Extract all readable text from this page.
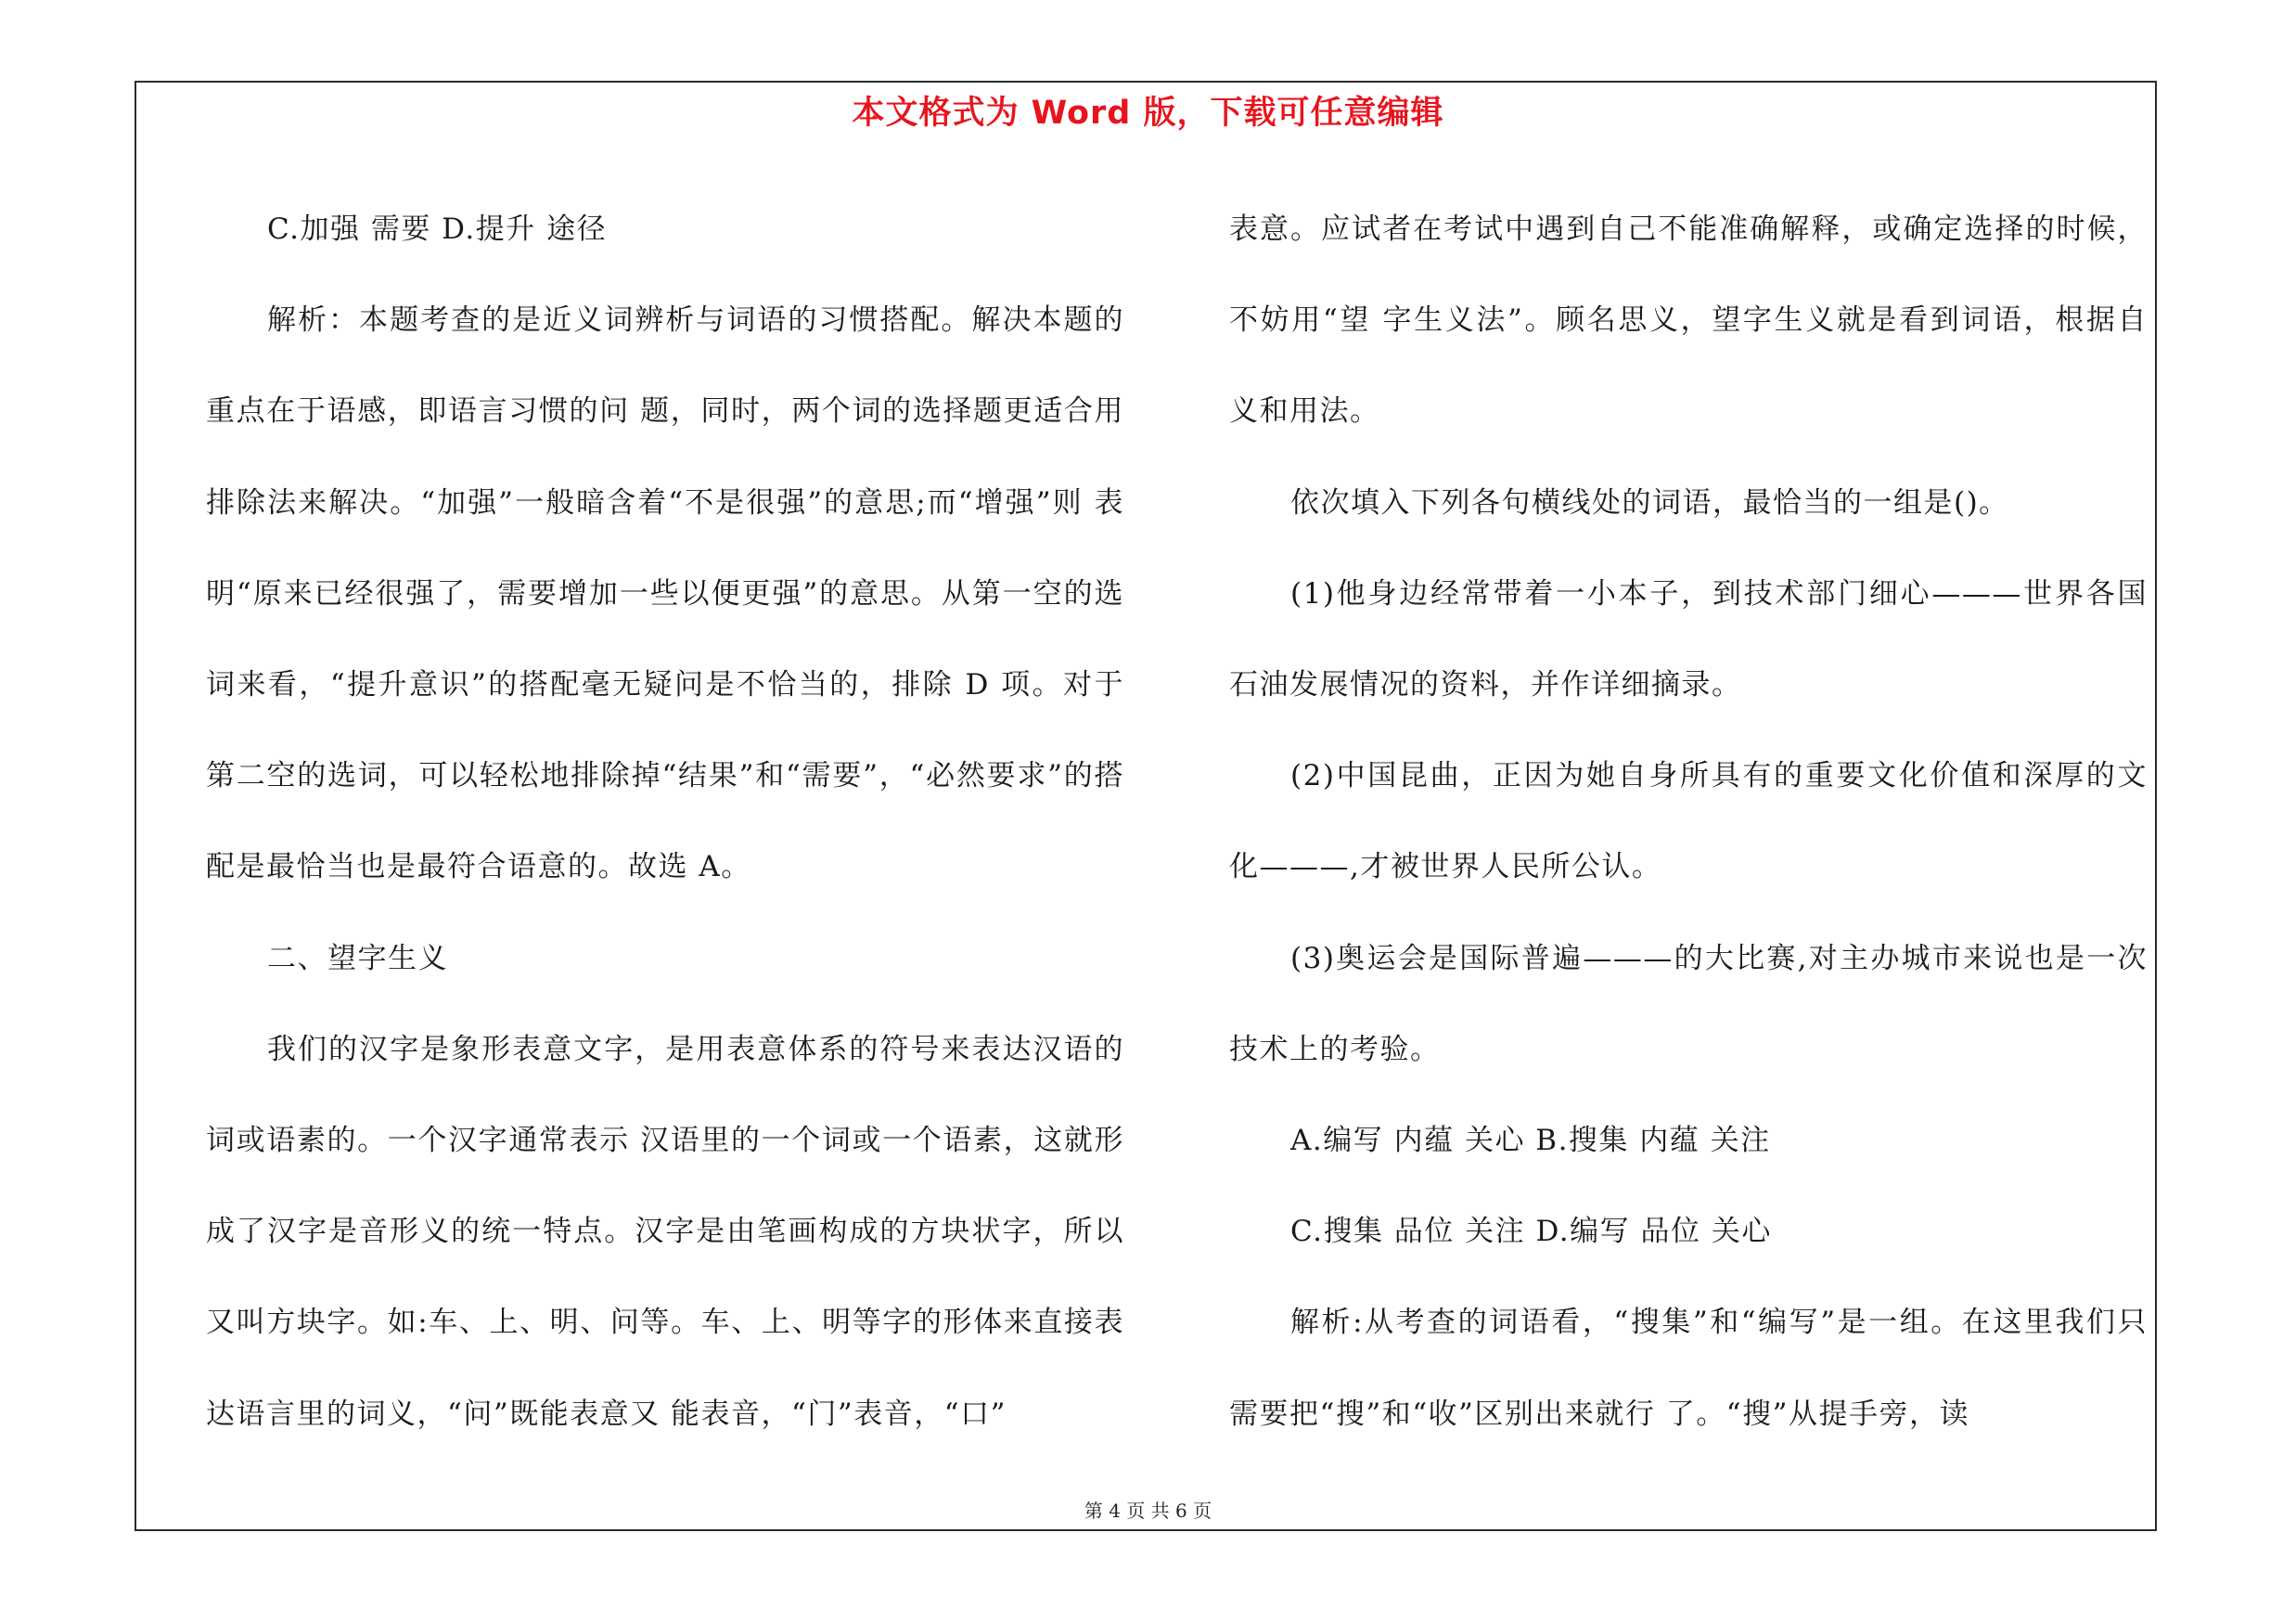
本文格式为 Word 版，下载可任意编辑

C.加强 需要 D.提升 途径

解析：本题考查的是近义词辨析与词语的习惯搭配。解决本题的重点在于语感，即语言习惯的问 题，同时，两个词的选择题更适合用排除法来解决。“加强”一般暗含着“不是很强”的意思;而“增强”则 表明“原来已经很强了，需要增加一些以便更强”的意思。从第一空的选词来看，“提升意识”的搭配毫无疑问是不恰当的，排除 D 项。对于第二空的选词，可以轻松地排除掉“结果”和“需要”，“必然要求”的搭 配是最恰当也是最符合语意的。故选 A。

二、望字生义

我们的汉字是象形表意文字，是用表意体系的符号来表达汉语的词或语素的。一个汉字通常表示 汉语里的一个词或一个语素，这就形成了汉字是音形义的统一特点。汉字是由笔画构成的方块状字，所以又叫方块字。如:车、上、明、问等。车、上、明等字的形体来直接表达语言里的词义，“问”既能表意又 能表音，“门”表音，“口”

表意。应试者在考试中遇到自己不能准确解释，或确定选择的时候，不妨用“望 字生义法”。顾名思义，望字生义就是看到词语，根据自 义和用法。

依次填入下列各句横线处的词语，最恰当的一组是()。

(1)他身边经常带着一小本子，到技术部门细心———世界各国石油发展情况的资料，并作详细摘录。

(2)中国昆曲，正因为她自身所具有的重要文化价值和深厚的文化———,才被世界人民所公认。

(3)奥运会是国际普遍———的大比赛,对主办城市来说也是一次技术上的考验。

A.编写 内蕴 关心 B.搜集 内蕴 关注

C.搜集 品位 关注 D.编写 品位 关心

解析:从考查的词语看，“搜集”和“编写”是一组。在这里我们只需要把“搜”和“收”区别出来就行 了。“搜”从提手旁，读

第 4 页 共 6 页
